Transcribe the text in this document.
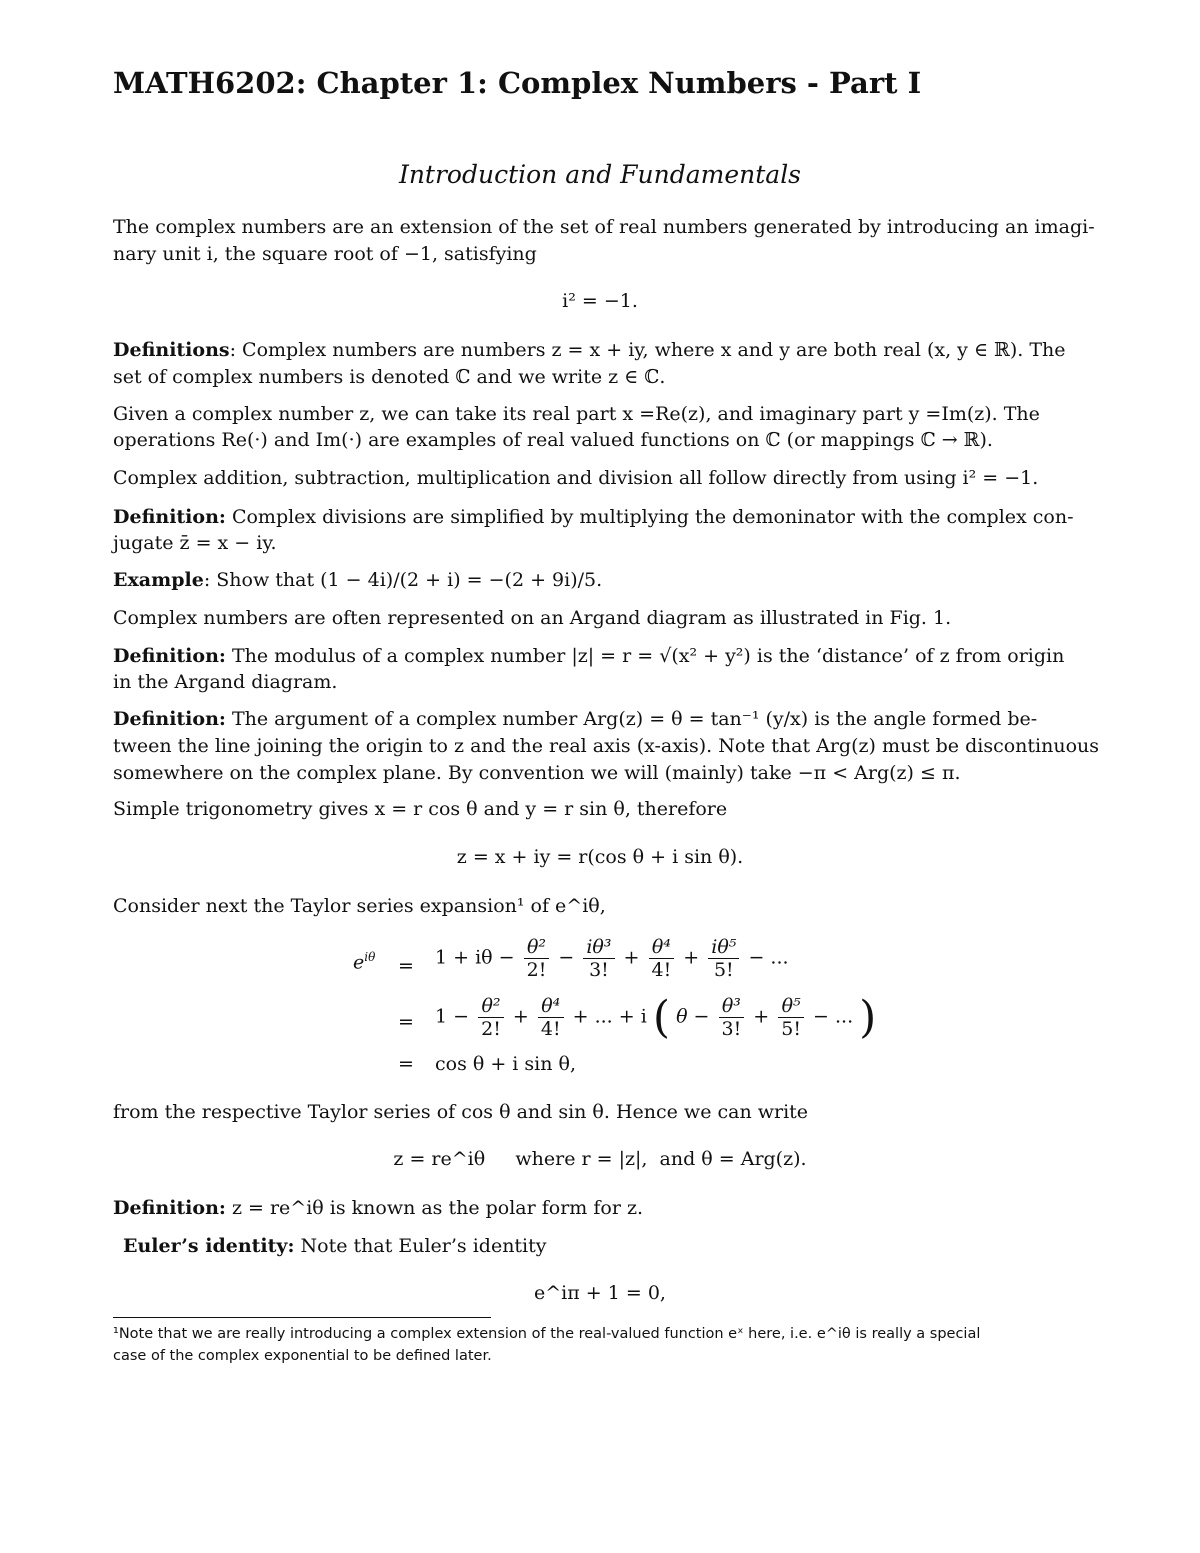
MATH6202: Chapter 1: Complex Numbers - Part I
Introduction and Fundamentals
The complex numbers are an extension of the set of real numbers generated by introducing an imagi-
nary unit i, the square root of −1, satisfying
i² = −1.
Definitions: Complex numbers are numbers z = x + iy, where x and y are both real (x, y ∈ ℝ). The
set of complex numbers is denoted ℂ and we write z ∈ ℂ.
Given a complex number z, we can take its real part x =Re(z), and imaginary part y =Im(z). The
operations Re(·) and Im(·) are examples of real valued functions on ℂ (or mappings ℂ → ℝ).
Complex addition, subtraction, multiplication and division all follow directly from using i² = −1.
Definition: Complex divisions are simplified by multiplying the demoninator with the complex con-
jugate z̄ = x − iy.
Example: Show that (1 − 4i)/(2 + i) = −(2 + 9i)/5.
Complex numbers are often represented on an Argand diagram as illustrated in Fig. 1.
Definition: The modulus of a complex number |z| = r = √(x² + y²) is the ‘distance’ of z from origin
in the Argand diagram.
Definition: The argument of a complex number Arg(z) = θ = tan⁻¹ (y/x) is the angle formed be-
tween the line joining the origin to z and the real axis (x-axis). Note that Arg(z) must be discontinuous
somewhere on the complex plane. By convention we will (mainly) take −π < Arg(z) ≤ π.
Simple trigonometry gives x = r cos θ and y = r sin θ, therefore
z = x + iy = r(cos θ + i sin θ).
Consider next the Taylor series expansion¹ of e^iθ,
$e^{i\theta} = 1 + i\theta - \frac{\text{θ²}}{2!} - \frac{\text{iθ³}}{3!} + \frac{\text{θ⁴}}{4!} + \frac{\text{iθ⁵}}{5!}$ − ...
= $1 - \frac{\text{θ²}}{2!} + \frac{\text{θ⁴}}{4!}$ + ... + i ( $\theta - \frac{\text{θ³}}{3!} + \frac{\text{θ⁵}}{5!}$ − ... )
= cos θ + i sin θ,
from the respective Taylor series of cos θ and sin θ. Hence we can write
z = re^iθ     where r = |z|,  and θ = Arg(z).
Definition: z = re^iθ is known as the polar form for z.
Euler’s identity: Note that Euler’s identity
e^iπ + 1 = 0,
¹Note that we are really introducing a complex extension of the real-valued function eˣ here, i.e. e^iθ is really a special
case of the complex exponential to be defined later.
